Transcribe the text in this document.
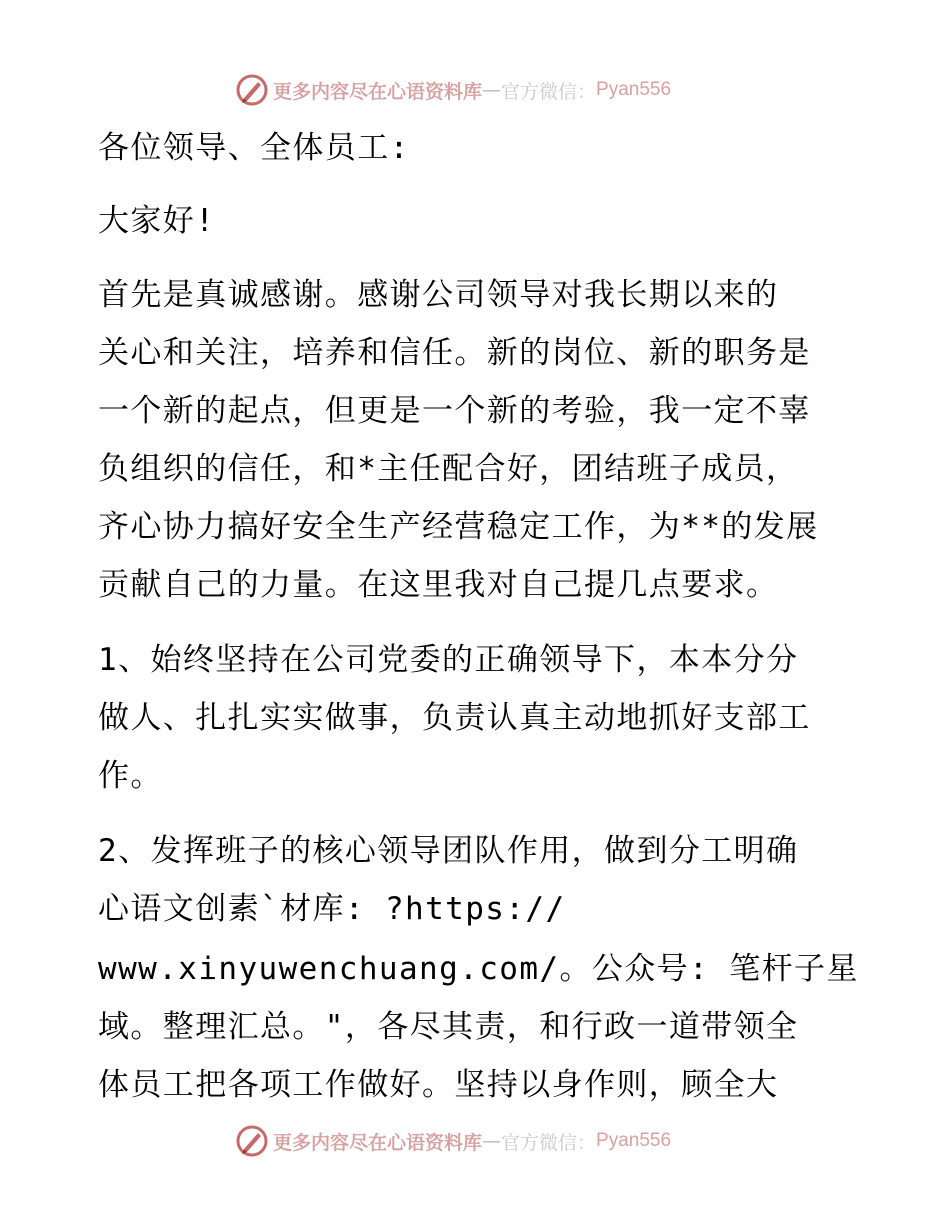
更多内容尽在心语资料库 — 官方微信： Pyan556
各位领导、全体员工:
大家好!
首先是真诚感谢。感谢公司领导对我长期以来的
关心和关注，培养和信任。新的岗位、新的职务是
一个新的起点，但更是一个新的考验，我一定不辜
负组织的信任，和*主任配合好，团结班子成员，
齐心协力搞好安全生产经营稳定工作，为**的发展
贡献自己的力量。在这里我对自己提几点要求。
1、始终坚持在公司党委的正确领导下，本本分分
做人、扎扎实实做事，负责认真主动地抓好支部工
作。
2、发挥班子的核心领导团队作用，做到分工明确
心语文创素`材库: ?https://
www.xinyuwenchuang.com/。公众号: 笔杆子星
域。整理汇总。"，各尽其责，和行政一道带领全
体员工把各项工作做好。坚持以身作则，顾全大
更多内容尽在心语资料库 — 官方微信： Pyan556
